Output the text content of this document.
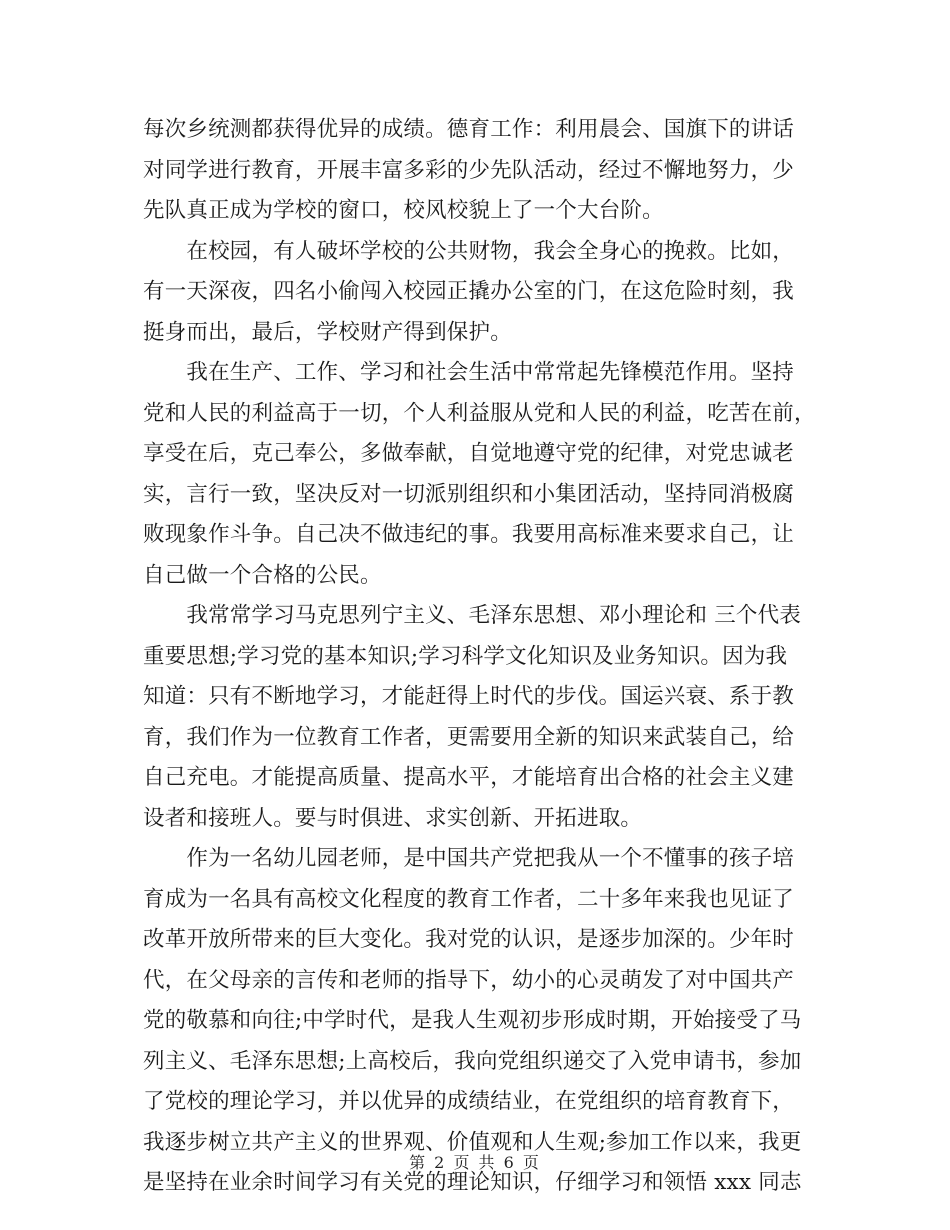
每次乡统测都获得优异的成绩。德育工作：利用晨会、国旗下的讲话
对同学进行教育，开展丰富多彩的少先队活动，经过不懈地努力，少
先队真正成为学校的窗口，校风校貌上了一个大台阶。
　　在校园，有人破坏学校的公共财物，我会全身心的挽救。比如，
有一天深夜，四名小偷闯入校园正撬办公室的门，在这危险时刻，我
挺身而出，最后，学校财产得到保护。
　　我在生产、工作、学习和社会生活中常常起先锋模范作用。坚持
党和人民的利益高于一切，个人利益服从党和人民的利益，吃苦在前，
享受在后，克己奉公，多做奉献，自觉地遵守党的纪律，对党忠诚老
实，言行一致，坚决反对一切派别组织和小集团活动，坚持同消极腐
败现象作斗争。自己决不做违纪的事。我要用高标准来要求自己，让
自己做一个合格的公民。
　　我常常学习马克思列宁主义、毛泽东思想、邓小理论和 三个代表
重要思想;学习党的基本知识;学习科学文化知识及业务知识。因为我
知道：只有不断地学习，才能赶得上时代的步伐。国运兴衰、系于教
育，我们作为一位教育工作者，更需要用全新的知识来武装自己，给
自己充电。才能提高质量、提高水平，才能培育出合格的社会主义建
设者和接班人。要与时俱进、求实创新、开拓进取。
　　作为一名幼儿园老师，是中国共产党把我从一个不懂事的孩子培
育成为一名具有高校文化程度的教育工作者，二十多年来我也见证了
改革开放所带来的巨大变化。我对党的认识，是逐步加深的。少年时
代，在父母亲的言传和老师的指导下，幼小的心灵萌发了对中国共产
党的敬慕和向往;中学时代，是我人生观初步形成时期，开始接受了马
列主义、毛泽东思想;上高校后，我向党组织递交了入党申请书，参加
了党校的理论学习，并以优异的成绩结业，在党组织的培育教育下，
我逐步树立共产主义的世界观、价值观和人生观;参加工作以来，我更
是坚持在业余时间学习有关党的理论知识，仔细学习和领悟 xxx 同志
第 2 页 共 6 页
